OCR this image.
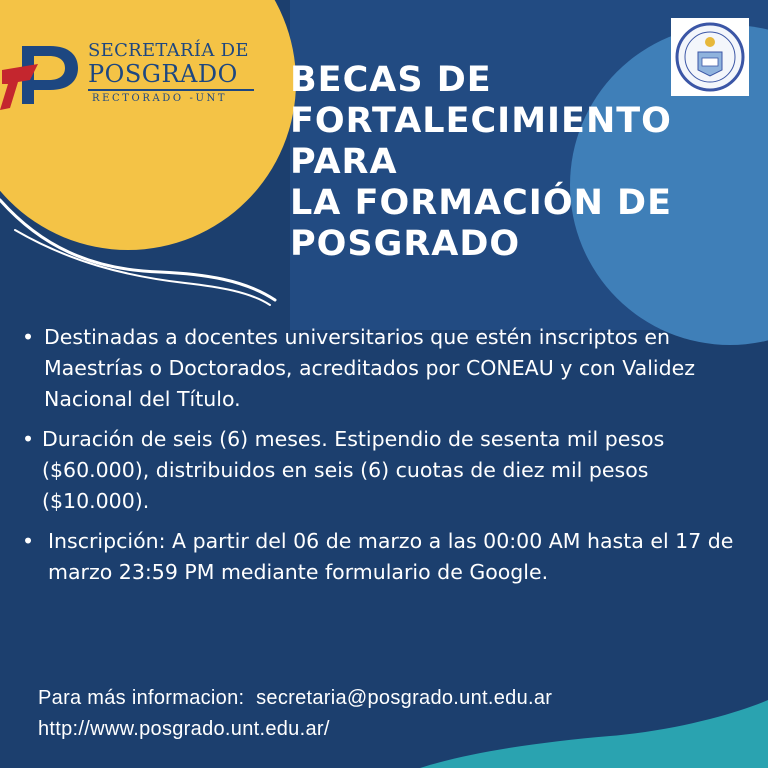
SECRETARÍA DE
POSGRADO
RECTORADO -UNT BECAS DE
FORTALECIMIENTO
PARA
LA FORMACIÓN DE
POSGRADO
• Destinadas a docentes universitarios que estén inscriptos en Maestrías o Doctorados, acreditados por CONEAU y con Validez Nacional del Título.
• Duración de seis (6) meses. Estipendio de sesenta mil pesos ($60.000), distribuidos en seis (6) cuotas de diez mil pesos ($10.000).
• Inscripción: A partir del 06 de marzo a las 00:00 AM hasta el 17 de marzo 23:59 PM mediante formulario de Google.
Para más informacion:  secretaria@posgrado.unt.edu.ar
http://www.posgrado.unt.edu.ar/
